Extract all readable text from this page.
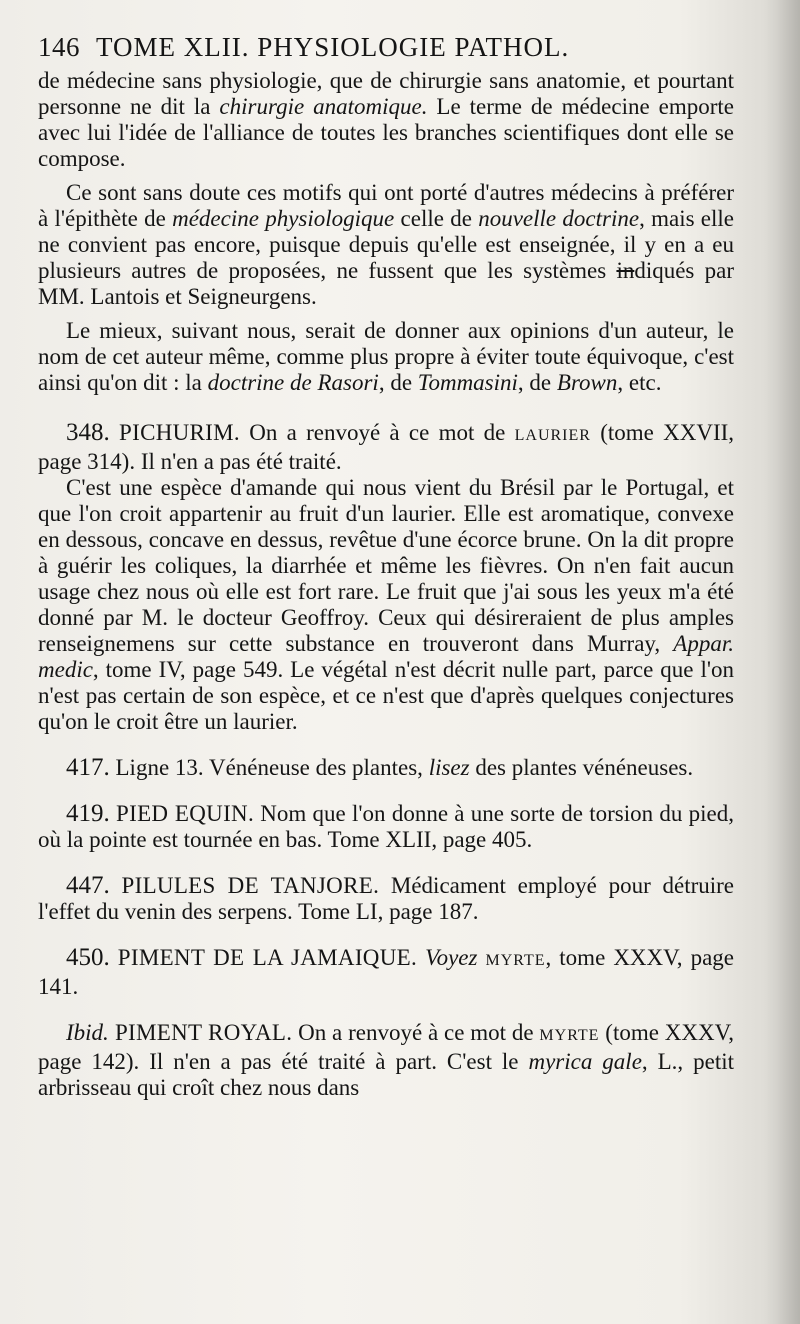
146 TOME XLII. PHYSIOLOGIE PATHOL.

de médecine sans physiologie, que de chirurgie sans anatomie, et pourtant personne ne dit la chirurgie anatomique. Le terme de médecine emporte avec lui l'idée de l'alliance de toutes les branches scientifiques dont elle se compose.

Ce sont sans doute ces motifs qui ont porté d'autres médecins à préférer à l'épithète de médecine physiologique celle de nouvelle doctrine, mais elle ne convient pas encore, puisque depuis qu'elle est enseignée, il y en a eu plusieurs autres de proposées, ne fussent que les systèmes indiqués par MM. Lantois et Seigneurgens.

Le mieux, suivant nous, serait de donner aux opinions d'un auteur, le nom de cet auteur même, comme plus propre à éviter toute équivoque, c'est ainsi qu'on dit : la doctrine de Rasori, de Tommasini, de Brown, etc.

348. PICHURIM. On a renvoyé à ce mot de LAURIER (tome XXVII, page 314). Il n'en a pas été traité.

C'est une espèce d'amande qui nous vient du Brésil par le Portugal, et que l'on croit appartenir au fruit d'un laurier. Elle est aromatique, convexe en dessous, concave en dessus, revêtue d'une écorce brune. On la dit propre à guérir les coliques, la diarrhée et même les fièvres. On n'en fait aucun usage chez nous où elle est fort rare. Le fruit que j'ai sous les yeux m'a été donné par M. le docteur Geoffroy. Ceux qui désireraient de plus amples renseignemens sur cette substance en trouveront dans Murray, Appar. medic, tome IV, page 549. Le végétal n'est décrit nulle part, parce que l'on n'est pas certain de son espèce, et ce n'est que d'après quelques conjectures qu'on le croit être un laurier.

417. Ligne 13. Vénéneuse des plantes, lisez des plantes vénéneuses.

419. PIED EQUIN. Nom que l'on donne à une sorte de torsion du pied, où la pointe est tournée en bas. Tome XLII, page 405.

447. PILULES DE TANJORE. Médicament employé pour détruire l'effet du venin des serpens. Tome LI, page 187.

450. PIMENT DE LA JAMAIQUE. Voyez MYRTE, tome XXXV, page 141.

Ibid. PIMENT ROYAL. On a renvoyé à ce mot de MYRTE (tome XXXV, page 142). Il n'en a pas été traité à part. C'est le myrica gale, L., petit arbrisseau qui croît chez nous dans
